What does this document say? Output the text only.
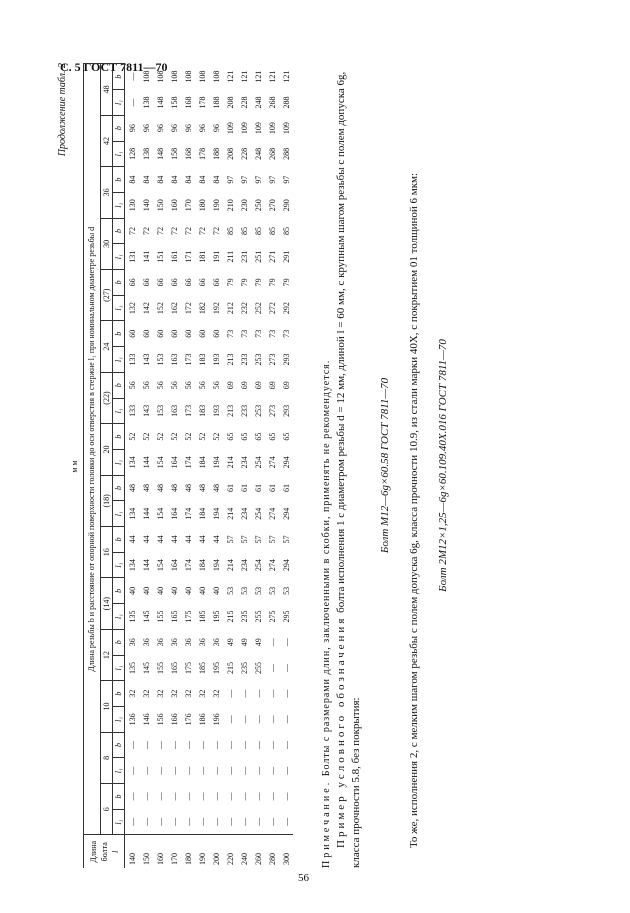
С. 5 ГОСТ 7811—70
Продолжение табл. 2
мм
Длина болта l	Длина резьбы b и расстояние от опорной поверхности головки до оси отверстия в стержне l₁ при номинальном диаметре резьбы d																													
	6		8		10		12		(14)		16		(18)		20		(22)		24		(27)		30		36		42		48	
	l₁	b	l₁	b	l₁	b	l₁	b	l₁	b	l₁	b	l₁	b	l₁	b	l₁	b	l₁	b	l₁	b	l₁	b	l₁	b	l₁	b	l₁	b
140	—	—	—	—	136	32	135	36	135	40	134	44	134	48	134	52	133	56	133	60	132	66	131	72	130	84	128	96	—	—
150	—	—	—	—	146	32	145	36	145	40	144	44	144	48	144	52	143	56	143	60	142	66	141	72	140	84	138	96	138	108
160	—	—	—	—	156	32	155	36	155	40	154	44	154	48	154	52	153	56	153	60	152	66	151	72	150	84	148	96	148	108
170	—	—	—	—	166	32	165	36	165	40	164	44	164	48	164	52	163	56	163	60	162	66	161	72	160	84	158	96	158	108
180	—	—	—	—	176	32	175	36	175	40	174	44	174	48	174	52	173	56	173	60	172	66	171	72	170	84	168	96	168	108
190	—	—	—	—	186	32	185	36	185	40	184	44	184	48	184	52	183	56	183	60	182	66	181	72	180	84	178	96	178	108
200	—	—	—	—	196	32	195	36	195	40	194	44	194	48	194	52	193	56	193	60	192	66	191	72	190	84	188	96	188	108
220	—	—	—	—	—	—	215	49	215	53	214	57	214	61	214	65	213	69	213	73	212	79	211	85	210	97	208	109	208	121
240	—	—	—	—	—	—	235	49	235	53	234	57	234	61	234	65	233	69	233	73	232	79	231	85	230	97	228	109	228	121
260	—	—	—	—	—	—	255	49	255	53	254	57	254	61	254	65	253	69	253	73	252	79	251	85	250	97	248	109	248	121
280	—	—	—	—	—	—	—	—	275	53	274	57	274	61	274	65	273	69	273	73	272	79	271	85	270	97	268	109	268	121
300	—	—	—	—	—	—	—	—	295	53	294	57	294	61	294	65	293	69	293	73	292	79	291	85	290	97	288	109	288	121

Примечание. Болты с размерами длин, заключенными в скобки, применять не рекомендуется. Пример условного обозначения болта исполнения 1 с диаметром резьбы d = 12 мм, длиной l = 60 мм, с крупным шагом резьбы с полем допуска 6g, класса прочности 5.8, без покрытия:

Болт М12—6g×60.58 ГОСТ 7811—70 То же, исполнения 2, с мелким шагом резьбы с полем допуска 6g, класса прочности 10.9, из стали марки 40Х, с покрытием 01 толщиной 6 мкм: Болт 2М12×1,25—6g×60.109.40Х.016 ГОСТ 7811—70

56
